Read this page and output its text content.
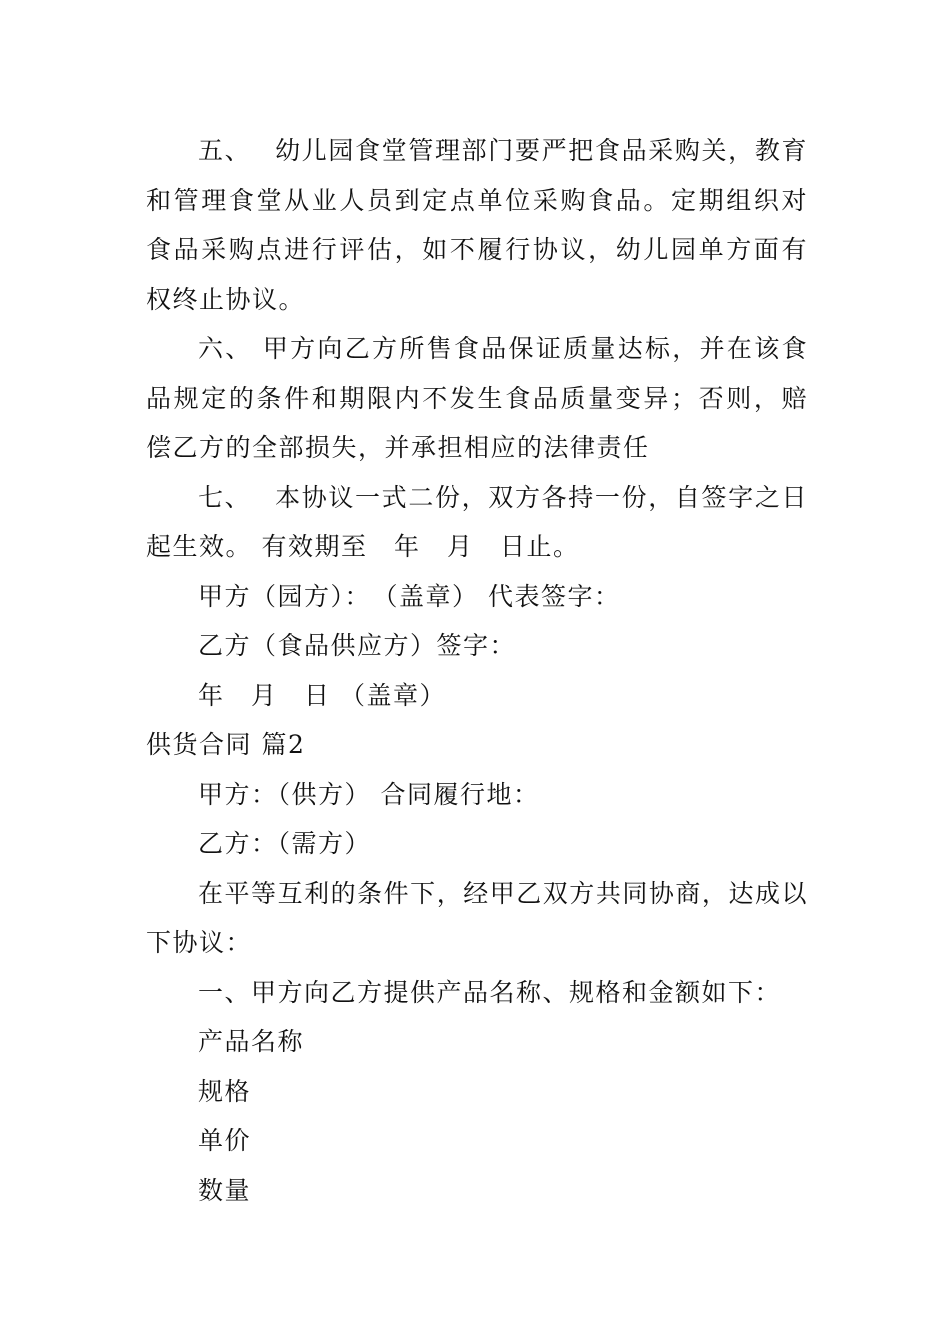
五、　 幼儿园食堂管理部门要严把食品采购关，教育和管理食堂从业人员到定点单位采购食品。定期组织对食品采购点进行评估，如不履行协议，幼儿园单方面有权终止协议。

六、 甲方向乙方所售食品保证质量达标，并在该食品规定的条件和期限内不发生食品质量变异；否则，赔偿乙方的全部损失，并承担相应的法律责任

七、　 本协议一式二份，双方各持一份，自签字之日起生效。 有效期至　年　月　日止。

甲方（园方）：　（盖章） 代表签字：

乙方（食品供应方）签字：

年　月　日 （盖章）

供货合同 篇2

甲方：（供方） 合同履行地：

乙方：（需方）

在平等互利的条件下，经甲乙双方共同协商，达成以下协议：

一、甲方向乙方提供产品名称、规格和金额如下：

产品名称

规格

单价

数量
